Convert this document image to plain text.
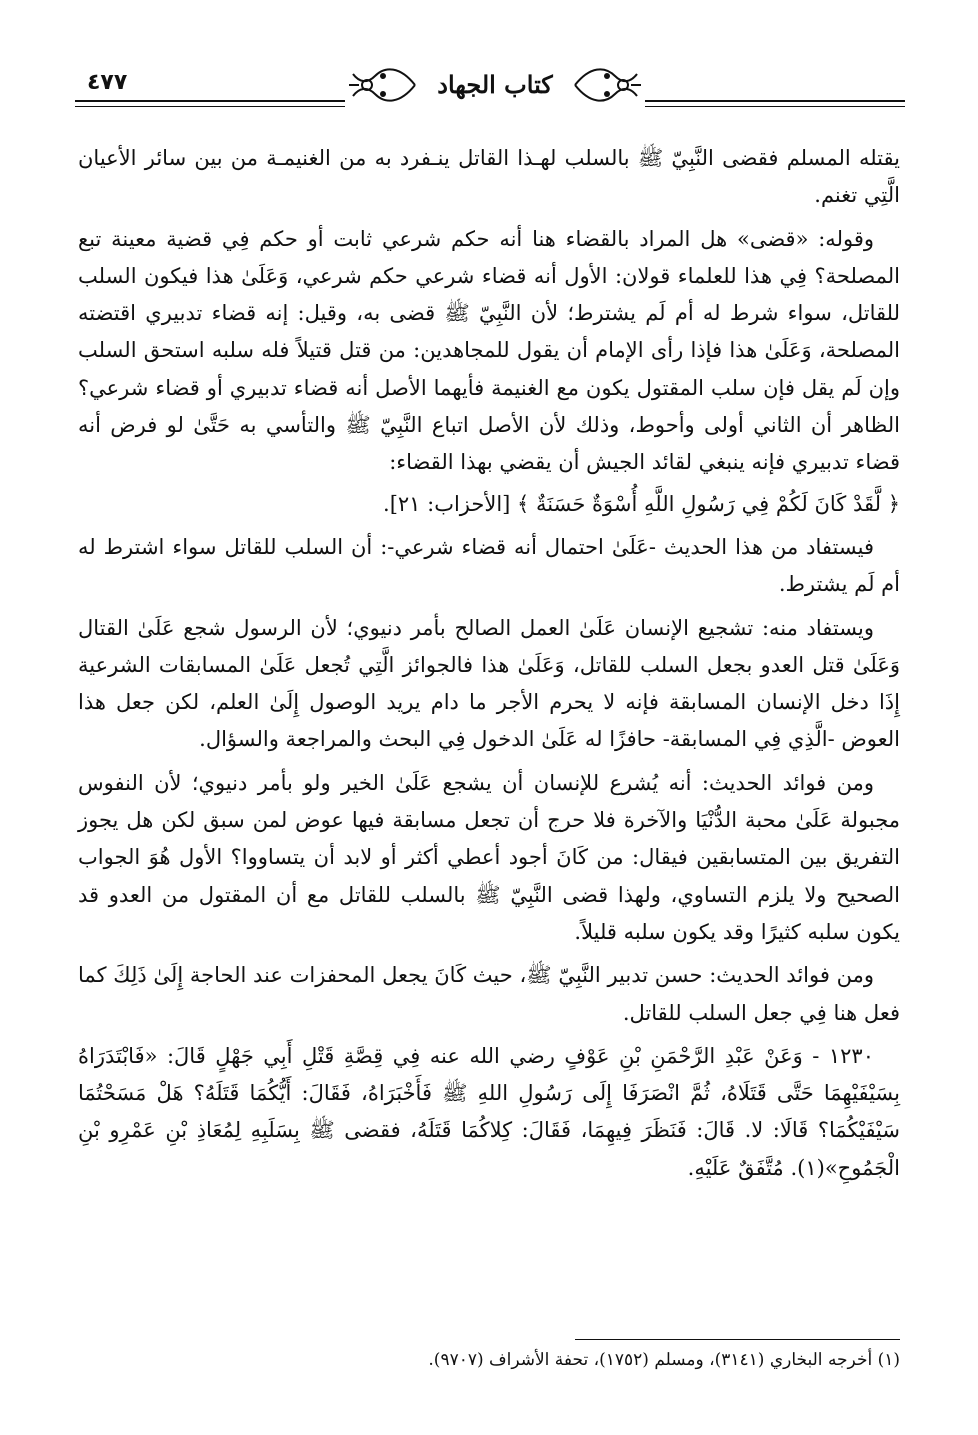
٤٧٧	كتاب الجهاد

يقتله المسلم فقضى النَّبِيّ ﷺ بالسلب لهـذا القاتل ينـفرد به من الغنيمـة من بين سائر الأعيان الَّتِي تغنم.

وقوله: «قضى» هل المراد بالقضاء هنا أنه حكم شرعي ثابت أو حكم فِي قضية معينة تبع المصلحة؟ فِي هذا للعلماء قولان: الأول أنه قضاء شرعي حكم شرعي، وَعَلَىٰ هذا فيكون السلب للقاتل، سواء شرط له أم لَم يشترط؛ لأن النَّبِيّ ﷺ قضى به، وقيل: إنه قضاء تدبيري اقتضته المصلحة، وَعَلَىٰ هذا فإذا رأى الإمام أن يقول للمجاهدين: من قتل قتيلاً فله سلبه استحق السلب وإن لَم يقل فإن سلب المقتول يكون مع الغنيمة فأيهما الأصل أنه قضاء تدبيري أو قضاء شرعي؟ الظاهر أن الثاني أولى وأحوط، وذلك لأن الأصل اتباع النَّبِيّ ﷺ والتأسي به حَتَّىٰ لو فرض أنه قضاء تدبيري فإنه ينبغي لقائد الجيش أن يقضي بهذا القضاء:

﴿ لَّقَدْ كَانَ لَكُمْ فِي رَسُولِ اللَّهِ أُسْوَةٌ حَسَنَةٌ ﴾ [الأحزاب: ٢١].

فيستفاد من هذا الحديث -عَلَىٰ احتمال أنه قضاء شرعي-: أن السلب للقاتل سواء اشترط له أم لَم يشترط.

ويستفاد منه: تشجيع الإنسان عَلَىٰ العمل الصالح بأمر دنيوي؛ لأن الرسول شجع عَلَىٰ القتال وَعَلَىٰ قتل العدو بجعل السلب للقاتل، وَعَلَىٰ هذا فالجوائز الَّتِي تُجعل عَلَىٰ المسابقات الشرعية إِذَا دخل الإنسان المسابقة فإنه لا يحرم الأجر ما دام يريد الوصول إِلَىٰ العلم، لكن جعل هذا العوض -الَّذِي فِي المسابقة- حافزًا له عَلَىٰ الدخول فِي البحث والمراجعة والسؤال.

ومن فوائد الحديث: أنه يُشرع للإنسان أن يشجع عَلَىٰ الخير ولو بأمر دنيوي؛ لأن النفوس مجبولة عَلَىٰ محبة الدُّنْيَا والآخرة فلا حرج أن تجعل مسابقة فيها عوض لمن سبق لكن هل يجوز التفريق بين المتسابقين فيقال: من كَانَ أجود أعطي أكثر أو لابد أن يتساووا؟ الأول هُوَ الجواب الصحيح ولا يلزم التساوي، ولهذا قضى النَّبِيّ ﷺ بالسلب للقاتل مع أن المقتول من العدو قد يكون سلبه كثيرًا وقد يكون سلبه قليلاً.

ومن فوائد الحديث: حسن تدبير النَّبِيّ ﷺ، حيث كَانَ يجعل المحفزات عند الحاجة إِلَىٰ ذَلِكَ كما فعل هنا فِي جعل السلب للقاتل.

١٢٣٠ - وَعَنْ عَبْدِ الرَّحْمَنِ بْنِ عَوْفٍ رضي الله عنه فِي قِصَّةِ قَتْلِ أَبِي جَهْلٍ قَالَ: «فَابْتَدَرَاهُ بِسَيْفَيْهِمَا حَتَّى قَتَلَاهُ، ثُمَّ انْصَرَفَا إِلَى رَسُولِ اللهِ ﷺ فَأَخْبَرَاهُ، فَقَالَ: أَيُّكُمَا قَتَلَهُ؟ هَلْ مَسَحْتُمَا سَيْفَيْكُمَا؟ قَالَا: لا. قَالَ: فَنَظَرَ فِيهِمَا، فَقَالَ: كِلاكُمَا قَتَلَهُ، فقضى ﷺ بِسَلَبِهِ لِمُعَاذِ بْنِ عَمْرِو بْنِ الْجَمُوحِ»(١). مُتَّفَقٌ عَلَيْهِ.

(١) أخرجه البخاري (٣١٤١)، ومسلم (١٧٥٢)، تحفة الأشراف (٩٧٠٧).
